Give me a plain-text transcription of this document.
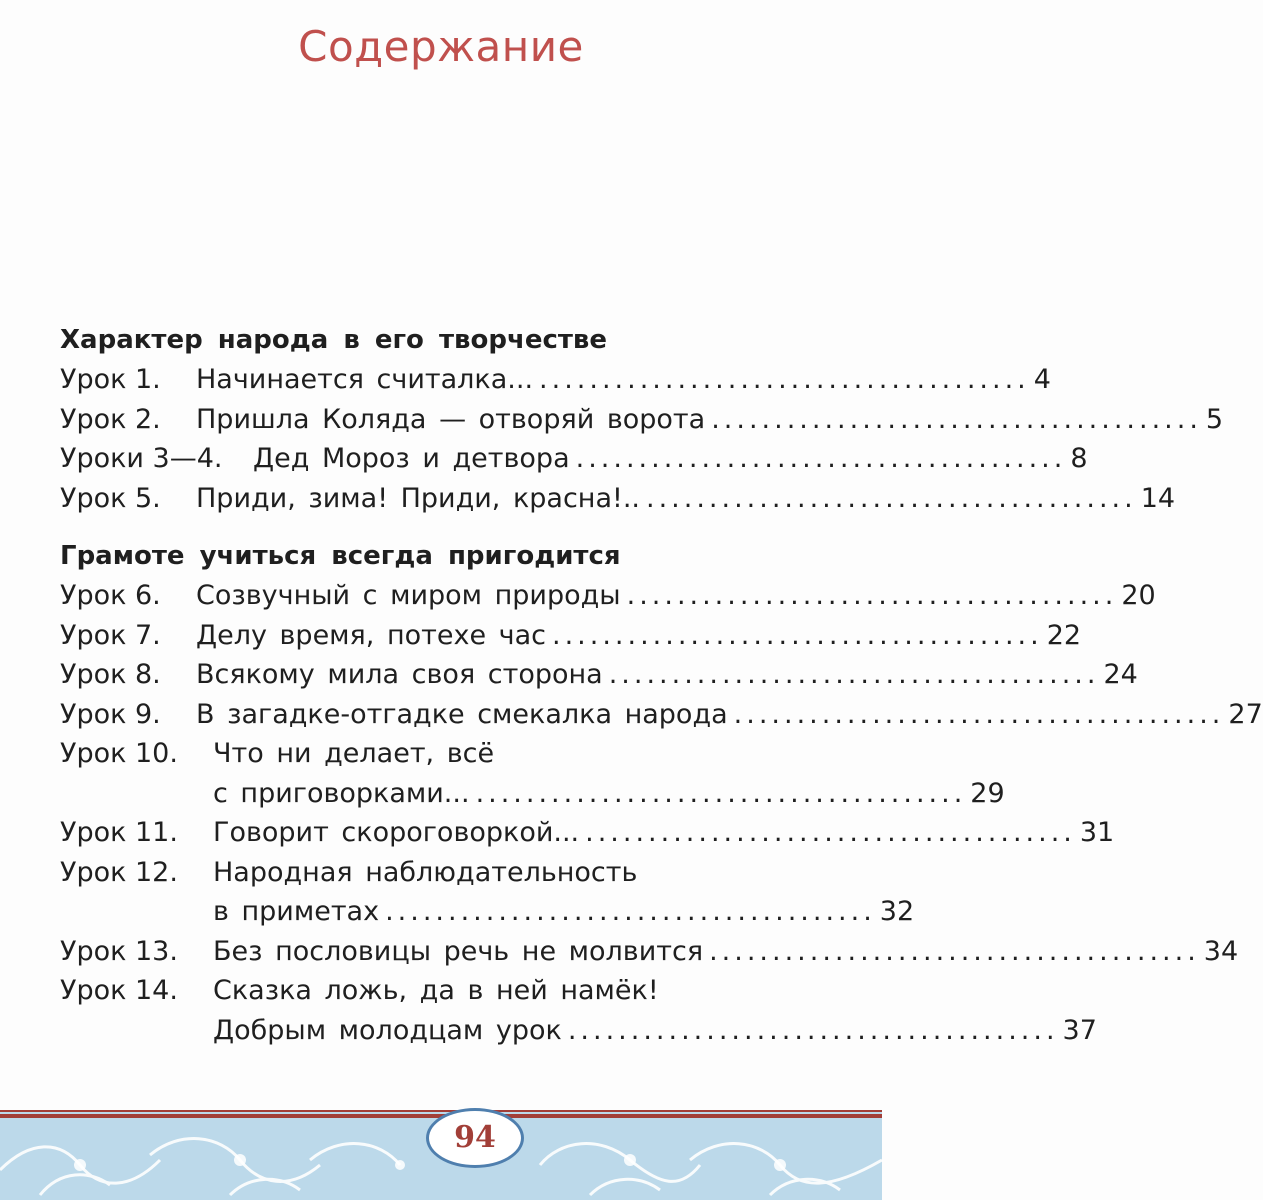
Содержание
Характер народа в его творчестве
Урок 1. Начинается считалка... ....................................... 4
Урок 2. Пришла Коляда — отворяй ворота ....................................... 5
Уроки 3—4. Дед Мороз и детвора ....................................... 8
Урок 5. Приди, зима! Приди, красна!.. ....................................... 14
Грамоте учиться всегда пригодится
Урок 6. Созвучный с миром природы ....................................... 20
Урок 7. Делу время, потехе час ....................................... 22
Урок 8. Всякому мила своя сторона ....................................... 24
Урок 9. В загадке-отгадке смекалка народа ....................................... 27
Урок 10. Что ни делает, всё
с приговорками... ....................................... 29
Урок 11. Говорит скороговоркой... ....................................... 31
Урок 12. Народная наблюдательность
в приметах ....................................... 32
Урок 13. Без пословицы речь не молвится ....................................... 34
Урок 14. Сказка ложь, да в ней намёк!
Добрым молодцам урок ....................................... 37
94
